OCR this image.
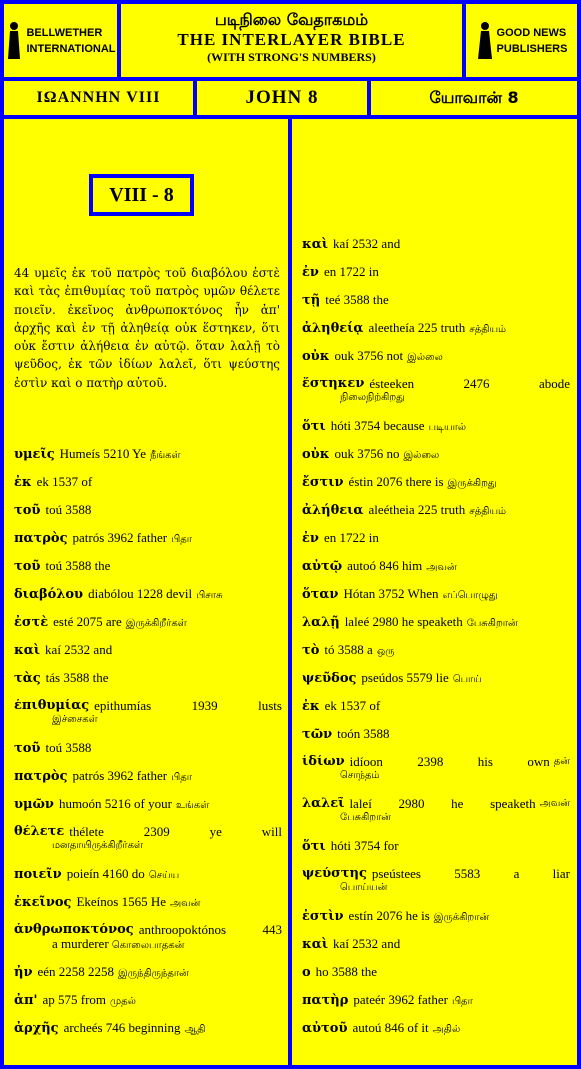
BELLWETHER
INTERNATIONAL
படிநிலை வேதாகமம்
THE INTERLAYER BIBLE
(WITH STRONG'S NUMBERS)
GOOD NEWS
PUBLISHERS
ΙΩΑΝΝΗΝ VIII	JOHN 8	யோவான் 8
VIII - 8
44 υμεῖς ἐκ τοῦ πατρὸς τοῦ διαβόλου ἐστὲ καὶ τὰς ἐπιθυμίας τοῦ πατρὸς υμῶν θέλετε ποιεῖν. ἐκεῖνος ἀνθρωποκτόνος ἦν ἀπ' ἀρχῆς καὶ ἐν τῇ ἀληθείᾳ οὐκ ἕστηκεν, ὅτι οὐκ ἔστιν ἀλήθεια ἐν αὐτῷ. ὅταν λαλῇ τὸ ψεῦδος, ἐκ τῶν ἰδίων λαλεῖ, ὅτι ψεύστης ἐστὶν καὶ ο πατὴρ αὐτοῦ.
υμεῖς Humeís 5210 Ye நீங்கள்
ἐκ ek 1537 of
τοῦ toú 3588
πατρὸς patrós 3962 father பிதா
τοῦ toú 3588 the
διαβόλου diabólou 1228 devil பிசாசு
ἐστὲ esté 2075 are இருக்கிறீர்கள்
καὶ kaí 2532 and
τὰς tás 3588 the
ἐπιθυμίας epithumías	1939	lusts
இச்சைகள்
τοῦ toú 3588
πατρὸς patrós 3962 father பிதா
υμῶν humoón 5216 of your உங்கள்
θέλετε thélete	2309	ye	will
மனதாயிருக்கிறீர்கள்
ποιεῖν poieín 4160 do செய்ய
ἐκεῖνος Ekeínos 1565 He அவன்
ἀνθρωποκτόνος anthroopoktónos	443
a murderer கொலைபாதகன்
ἦν eén 2258 2258 இருந்திருந்தான்
ἀπ' ap 575 from முதல்
ἀρχῆς archeés 746 beginning ஆதி
καὶ kaí 2532 and
ἐν en 1722 in
τῇ teé 3588 the
ἀληθείᾳ aleetheía 225 truth சத்தியம்
οὐκ ouk 3756 not இல்லை
ἕστηκεν ésteeken	2476	abode
நிலைநிற்கிறது
ὅτι hóti 3754 because படியால்
οὐκ ouk 3756 no இல்லை
ἔστιν éstin 2076 there is இருக்கிறது
ἀλήθεια aleétheia 225 truth சத்தியம்
ἐν en 1722 in
αὐτῷ autoó 846 him அவன்
ὅταν Hótan 3752 When எப்பொழுது
λαλῇ laleé 2980 he speaketh பேசுகிறான்
τὸ tó 3588 a ஒரு
ψεῦδος pseúdos 5579 lie பொய்
ἐκ ek 1537 of
τῶν toón 3588
ἰδίων idíoon	2398	his	own தன்
சொந்தம்
λαλεῖ laleí 2980 he speaketh அவன்
பேசுகிறான்
ὅτι hóti 3754 for
ψεύστης pseústees	5583	a	liar
பொய்யன்
ἐστὶν estín 2076 he is இருக்கிறான்
καὶ kaí 2532 and
ο ho 3588 the
πατὴρ pateér 3962 father பிதா
αὐτοῦ autoú 846 of it அதில்
